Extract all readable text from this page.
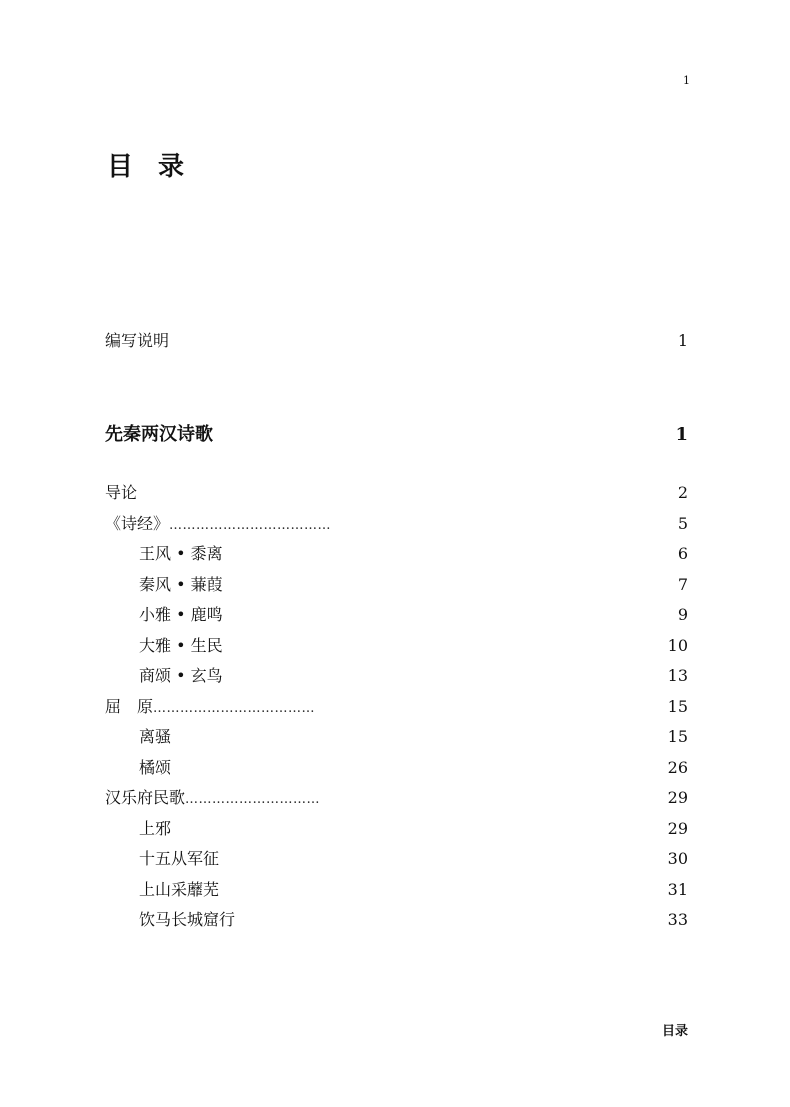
1
目 录
编写说明	1
先秦两汉诗歌	1
导论	2
《诗经》………………………………	5
王风 • 黍离	6
秦风 • 蒹葭	7
小雅 • 鹿鸣	9
大雅 • 生民	10
商颂 • 玄鸟	13
屈　原………………………………	15
离骚	15
橘颂	26
汉乐府民歌…………………………	29
上邪	29
十五从军征	30
上山采蘼芜	31
饮马长城窟行	33
目录
